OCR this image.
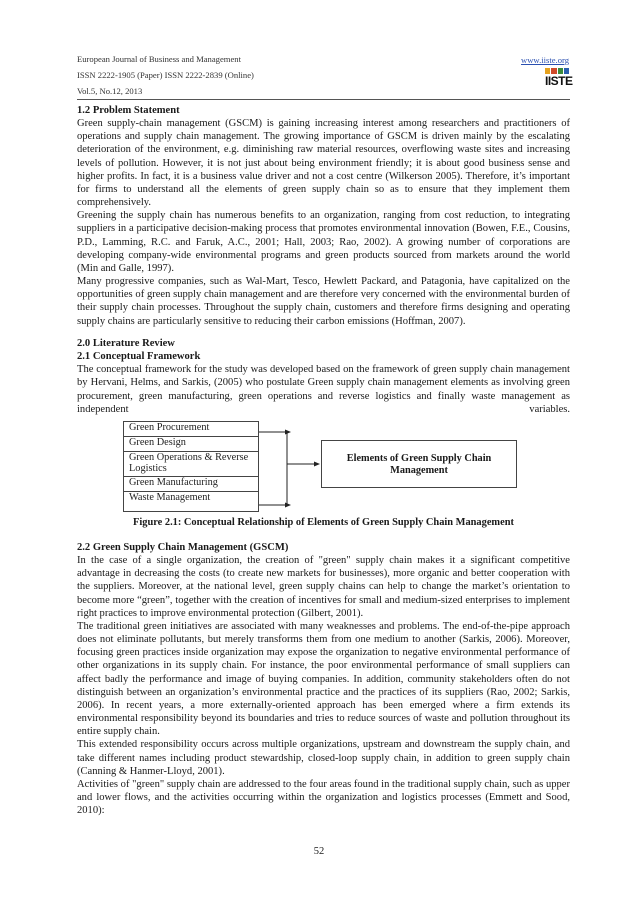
European Journal of Business and Management
ISSN 2222-1905 (Paper) ISSN 2222-2839 (Online)
Vol.5, No.12, 2013
www.iiste.org
IISTE
1.2 Problem Statement

Green supply-chain management (GSCM) is gaining increasing interest among researchers and practitioners of operations and supply chain management. The growing importance of GSCM is driven mainly by the escalating deterioration of the environment, e.g. diminishing raw material resources, overflowing waste sites and increasing levels of pollution. However, it is not just about being environment friendly; it is about good business sense and higher profits. In fact, it is a business value driver and not a cost centre (Wilkerson 2005). Therefore, it’s important for firms to understand all the elements of green supply chain so as to ensure that they implement them comprehensively.

Greening the supply chain has numerous benefits to an organization, ranging from cost reduction, to integrating suppliers in a participative decision-making process that promotes environmental innovation (Bowen, F.E., Cousins, P.D., Lamming, R.C. and Faruk, A.C., 2001; Hall, 2003; Rao, 2002). A growing number of corporations are developing company-wide environmental programs and green products sourced from markets around the world (Min and Galle, 1997).

Many progressive companies, such as Wal-Mart, Tesco, Hewlett Packard, and Patagonia, have capitalized on the opportunities of green supply chain management and are therefore very concerned with the environmental burden of their supply chain processes. Throughout the supply chain, customers and therefore firms designing and operating supply chains are particularly sensitive to reducing their carbon emissions (Hoffman, 2007).

2.0 Literature Review
2.1 Conceptual Framework

The conceptual framework for the study was developed based on the framework of green supply chain management by Hervani, Helms, and Sarkis, (2005) who postulate Green supply chain management elements as involving green procurement, green manufacturing, green operations and reverse logistics and finally waste management as independent variables.

Green Procurement
Green Design
Green Operations & Reverse Logistics
Green Manufacturing
Waste Management
Elements of Green Supply Chain Management
Figure 2.1: Conceptual Relationship of Elements of Green Supply Chain Management
2.2 Green Supply Chain Management (GSCM)

In the case of a single organization, the creation of "green" supply chain makes it a significant competitive advantage in decreasing the costs (to create new markets for businesses), more organic and better cooperation with the suppliers. Moreover, at the national level, green supply chains can help to change the market’s orientation to become more “green”, together with the creation of incentives for small and medium-sized enterprises to implement right practices to improve environmental protection (Gilbert, 2001).

The traditional green initiatives are associated with many weaknesses and problems. The end-of-the-pipe approach does not eliminate pollutants, but merely transforms them from one medium to another (Sarkis, 2006). Moreover, focusing green practices inside organization may expose the organization to negative environmental performance of other organizations in its supply chain. For instance, the poor environmental performance of small suppliers can affect badly the performance and image of buying companies. In addition, community stakeholders often do not distinguish between an organization’s environmental practice and the practices of its suppliers (Rao, 2002; Sarkis, 2006). In recent years, a more externally-oriented approach has been emerged where a firm extends its environmental responsibility beyond its boundaries and tries to reduce sources of waste and pollution throughout its entire supply chain.

This extended responsibility occurs across multiple organizations, upstream and downstream the supply chain, and take different names including product stewardship, closed-loop supply chain, in addition to green supply chain (Canning & Hanmer-Lloyd, 2001).

Activities of "green" supply chain are addressed to the four areas found in the traditional supply chain, such as upper and lower flows, and the activities occurring within the organization and logistics processes (Emmett and Sood, 2010):

52
